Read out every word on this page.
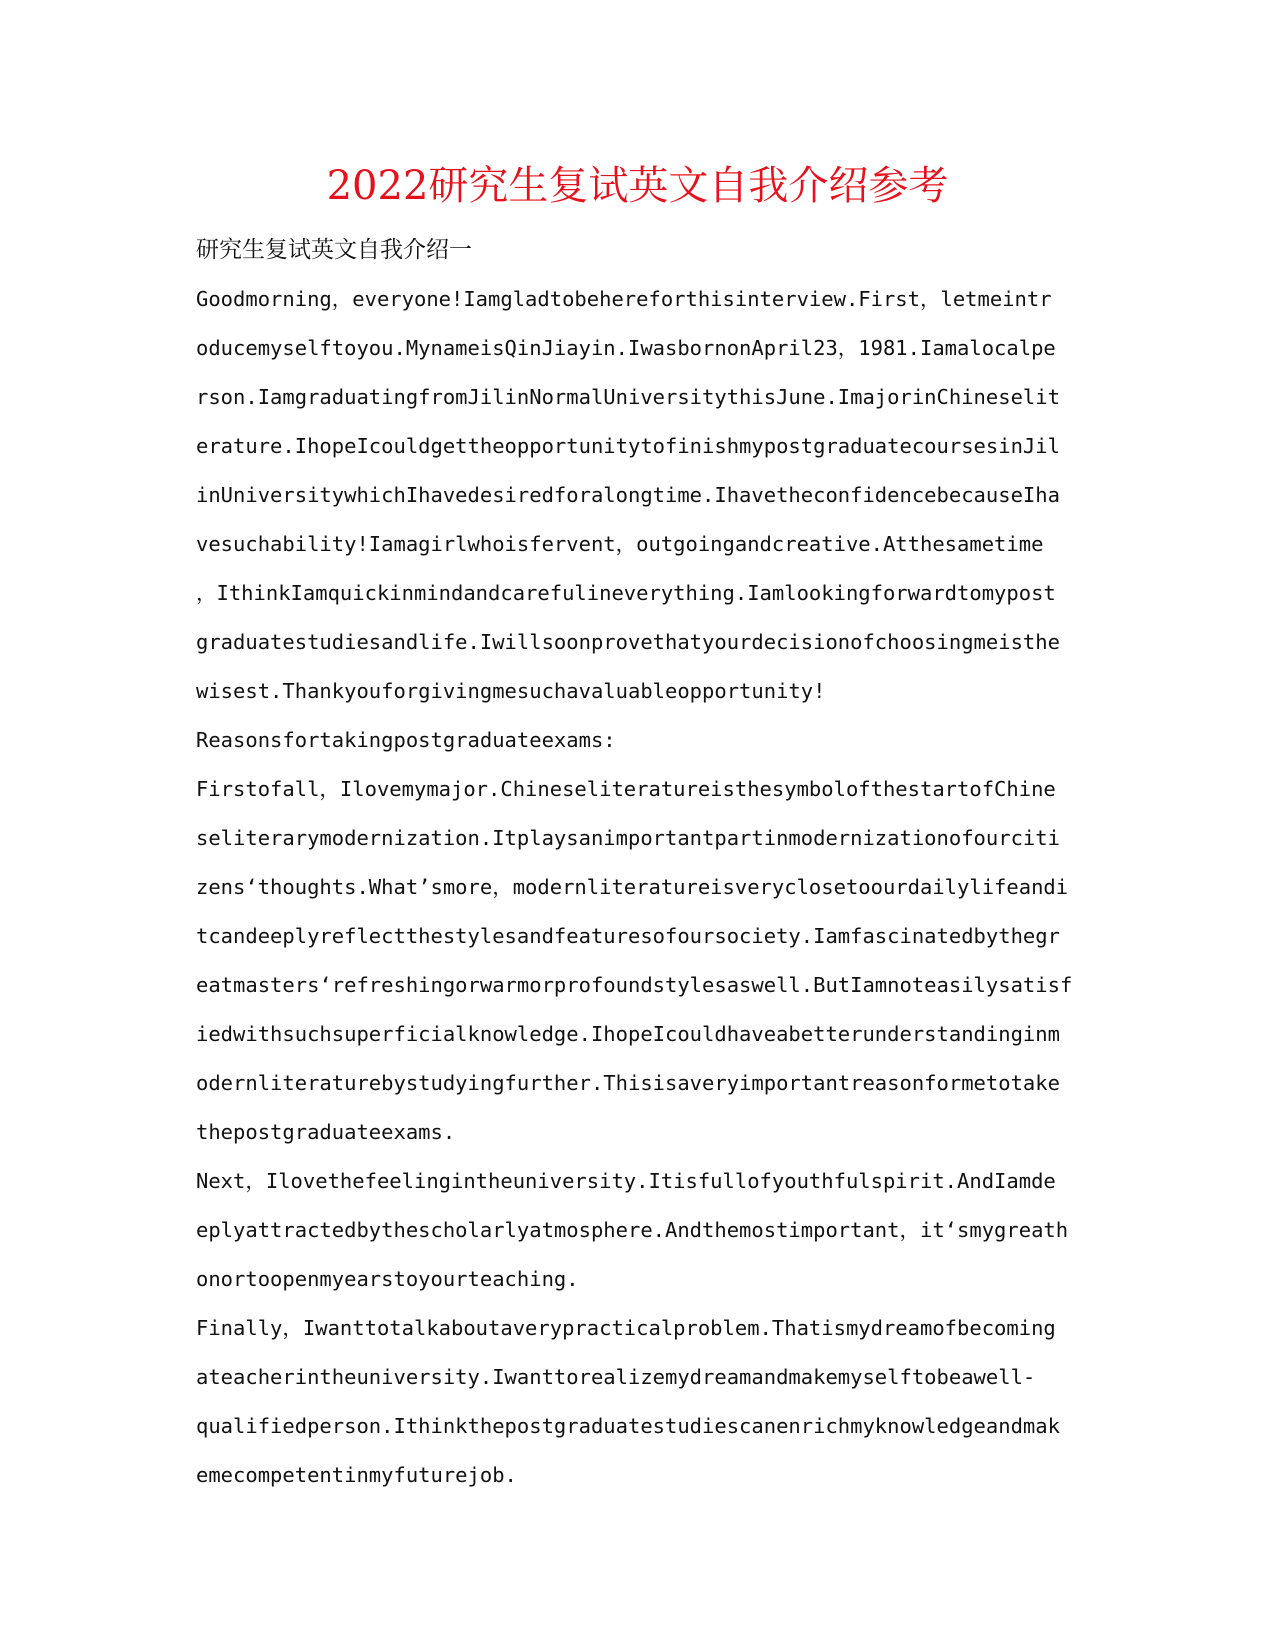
2022研究生复试英文自我介绍参考
研究生复试英文自我介绍一
Goodmorning，everyone!Iamgladtobehereforthisinterview.First，letmeintr
oducemyselftoyou.MynameisQinJiayin.IwasbornonApril23，1981.Iamalocalpe
rson.IamgraduatingfromJilinNormalUniversitythisJune.ImajorinChineselit
erature.IhopeIcouldgettheopportunitytofinishmypostgraduatecoursesinJil
inUniversitywhichIhavedesiredforalongtime.IhavetheconfidencebecauseIha
vesuchability!Iamagirlwhoisfervent，outgoingandcreative.Atthesametime
，IthinkIamquickinmindandcarefulineverything.Iamlookingforwardtomypost
graduatestudiesandlife.Iwillsoonprovethatyourdecisionofchoosingmeisthe
wisest.Thankyouforgivingmesuchavaluableopportunity!
Reasonsfortakingpostgraduateexams:
Firstofall，Ilovemymajor.ChineseliteratureisthesymbolofthestartofChine
seliterarymodernization.Itplaysanimportantpartinmodernizationofourciti
zens‘thoughts.What’smore，modernliteratureisveryclosetoourdailylifeandi
tcandeeplyreflectthestylesandfeaturesofoursociety.Iamfascinatedbythegr
eatmasters‘refreshingorwarmorprofoundstylesaswell.ButIamnoteasilysatisf
iedwithsuchsuperficialknowledge.IhopeIcouldhaveabetterunderstandinginm
odernliteraturebystudyingfurther.Thisisaveryimportantreasonformetotake
thepostgraduateexams.
Next，Ilovethefeelingintheuniversity.Itisfullofyouthfulspirit.AndIamde
eplyattractedbythescholarlyatmosphere.Andthemostimportant，it‘smygreath
onortoopenmyearstoyourteaching.
Finally，Iwanttotalkaboutaverypracticalproblem.Thatismydreamofbecoming
ateacherintheuniversity.Iwanttorealizemydreamandmakemyselftobeawell-
qualifiedperson.Ithinkthepostgraduatestudiescanenrichmyknowledgeandmak
emecompetentinmyfuturejob.
